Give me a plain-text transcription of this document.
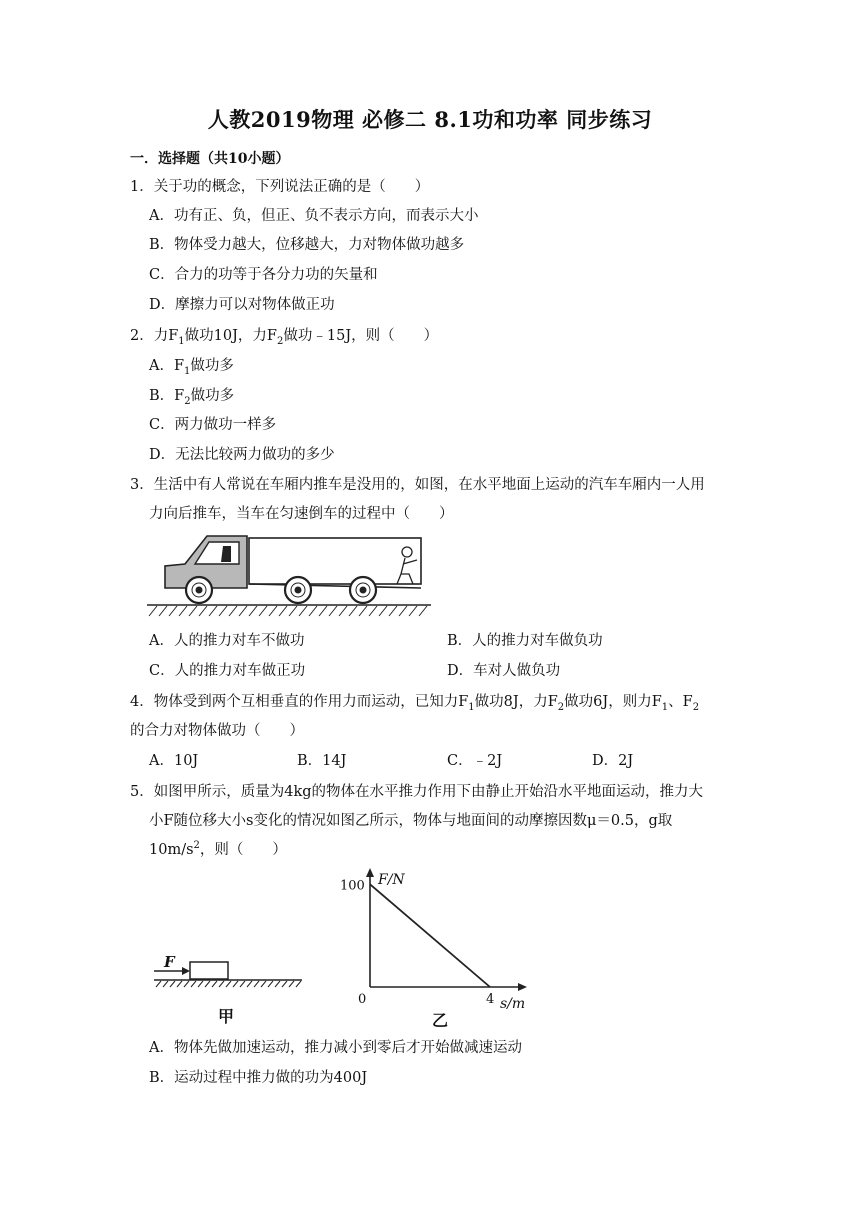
人教2019物理 必修二 8.1功和功率 同步练习
一．选择题（共10小题）
1．关于功的概念，下列说法正确的是（　　）
A．功有正、负，但正、负不表示方向，而表示大小
B．物体受力越大，位移越大，力对物体做功越多
C．合力的功等于各分力功的矢量和
D．摩擦力可以对物体做正功
2．力$F_1$做功10J，力$F_2$做功﹣15J，则（　　）
A．$F_1$做功多
B．$F_2$做功多
C．两力做功一样多
D．无法比较两力做功的多少
3．生活中有人常说在车厢内推车是没用的，如图，在水平地面上运动的汽车车厢内一人用
力向后推车，当车在匀速倒车的过程中（　　）
A．人的推力对车不做功	B．人的推力对车做负功
C．人的推力对车做正功	D．车对人做负功
4．物体受到两个互相垂直的作用力而运动，已知力$F_1$做功8J，力$F_2$做功6J，则力$F_1$、$F_2$
的合力对物体做功（　　）
A．10J	B．14J	C．﹣2J	D．2J
5．如图甲所示，质量为4kg的物体在水平推力作用下由静止开始沿水平地面运动，推力大
小F随位移大小s变化的情况如图乙所示，物体与地面间的动摩擦因数μ＝0.5，g取
$10m/s^2$，则（　　）
F
甲
F/N
s/m
100
0	4
乙
A．物体先做加速运动，推力减小到零后才开始做减速运动
B．运动过程中推力做的功为400J
